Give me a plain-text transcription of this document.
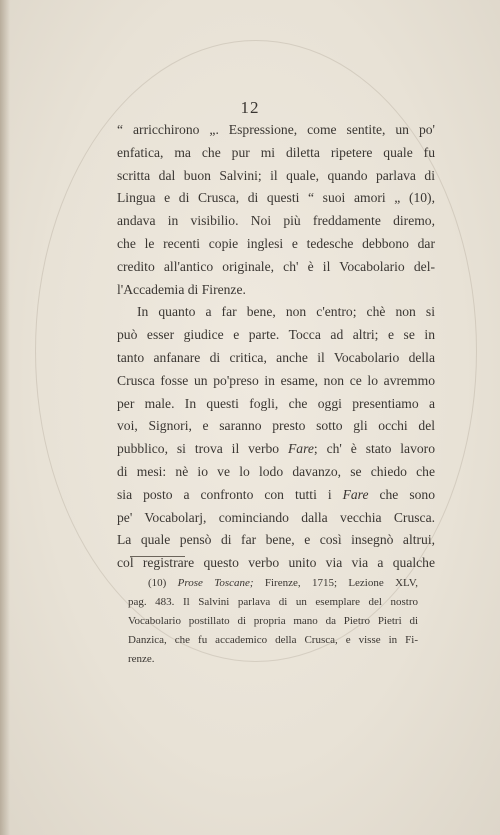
12
“ arricchirono „. Espressione, come sentite, un po'
enfatica, ma che pur mi diletta ripetere quale fu
scritta dal buon Salvini; il quale, quando parlava di
Lingua e di Crusca, di questi “ suoi amori „ (10),
andava in visibilio. Noi più freddamente diremo,
che le recenti copie inglesi e tedesche debbono dar
credito all'antico originale, ch' è il Vocabolario del-
l'Accademia di Firenze.
In quanto a far bene, non c'entro; chè non si
può esser giudice e parte. Tocca ad altri; e se in
tanto anfanare di critica, anche il Vocabolario della
Crusca fosse un po'preso in esame, non ce lo avremmo
per male. In questi fogli, che oggi presentiamo a
voi, Signori, e saranno presto sotto gli occhi del
pubblico, si trova il verbo Fare; ch' è stato lavoro
di mesi: nè io ve lo lodo davanzo, se chiedo che
sia posto a confronto con tutti i Fare che sono
pe' Vocabolarj, cominciando dalla vecchia Crusca.
La quale pensò di far bene, e così insegnò altrui,
col registrare questo verbo unito via via a qualche
(10) Prose Toscane; Firenze, 1715; Lezione XLV,
pag. 483. Il Salvini parlava di un esemplare del nostro
Vocabolario postillato di propria mano da Pietro Pietri di
Danzica, che fu accademico della Crusca, e visse in Fi-
renze.
